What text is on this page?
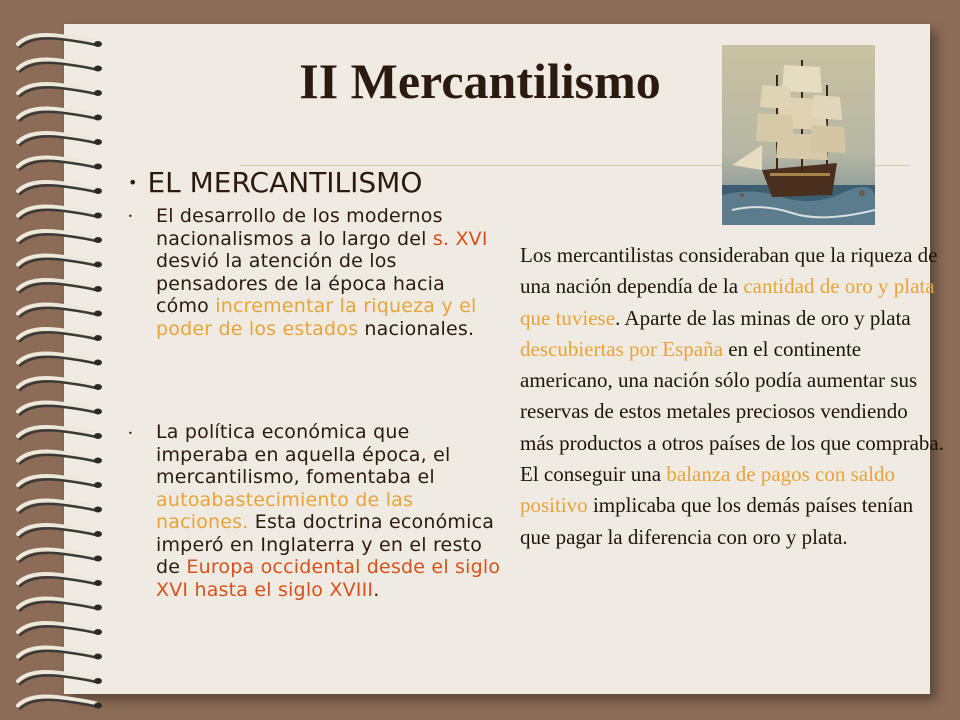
II Mercantilismo
• EL MERCANTILISMO
• El desarrollo de los modernos nacionalismos a lo largo del s. XVI desvió la atención de los pensadores de la época hacia cómo incrementar la riqueza y el poder de los estados nacionales.
• La política económica que imperaba en aquella época, el mercantilismo, fomentaba el autoabastecimiento de las naciones. Esta doctrina económica imperó en Inglaterra y en el resto de Europa occidental desde el siglo XVI hasta el siglo XVIII.
Los mercantilistas consideraban que la riqueza de una nación dependía de la cantidad de oro y plata que tuviese. Aparte de las minas de oro y plata descubiertas por España en el continente americano, una nación sólo podía aumentar sus reservas de estos metales preciosos vendiendo más productos a otros países de los que compraba.
El conseguir una balanza de pagos con saldo positivo implicaba que los demás países tenían que pagar la diferencia con oro y plata.
